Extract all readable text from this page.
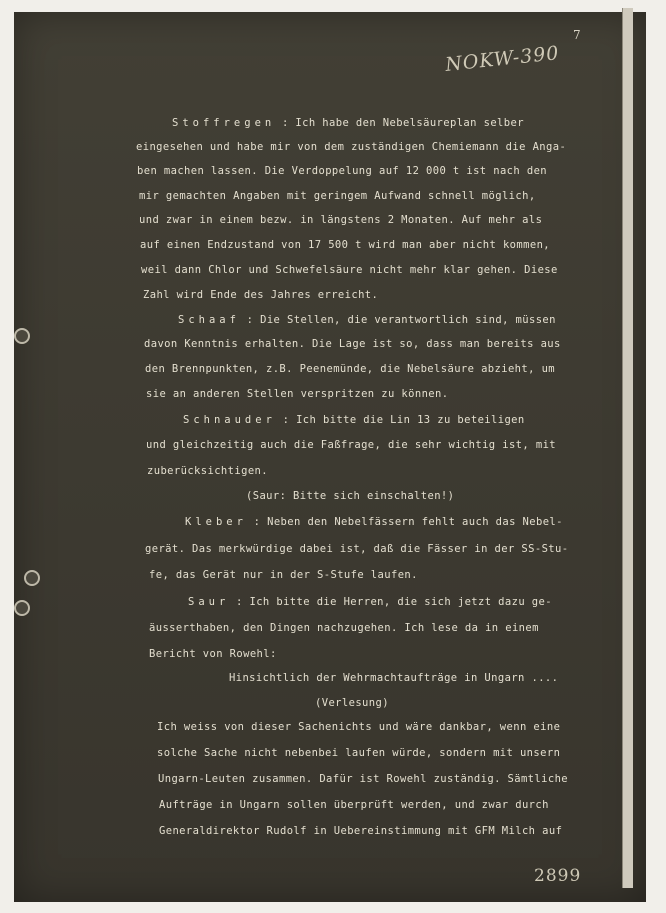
7
NOKW-390
2899
Stoffregen : Ich habe den Nebelsäureplan selber
eingesehen und habe mir von dem zuständigen Chemiemann die Anga-
ben machen lassen. Die Verdoppelung auf 12 000 t ist nach den
mir gemachten Angaben mit geringem Aufwand schnell möglich,
und zwar in einem bezw. in längstens 2 Monaten. Auf mehr als
auf einen Endzustand von 17 500 t wird man aber nicht kommen,
weil dann Chlor und Schwefelsäure nicht mehr klar gehen. Diese
Zahl wird Ende des Jahres erreicht.
Schaaf : Die Stellen, die verantwortlich sind, müssen
davon Kenntnis erhalten. Die Lage ist so, dass man bereits aus
den Brennpunkten, z.B. Peenemünde, die Nebelsäure abzieht, um
sie an anderen Stellen verspritzen zu können.
Schnauder : Ich bitte die Lin 13 zu beteiligen
und gleichzeitig auch die Faßfrage, die sehr wichtig ist, mit
zuberücksichtigen.
(Saur: Bitte sich einschalten!)
Kleber : Neben den Nebelfässern fehlt auch das Nebel-
gerät. Das merkwürdige dabei ist, daß die Fässer in der SS-Stu-
fe, das Gerät nur in der S-Stufe laufen.
Saur : Ich bitte die Herren, die sich jetzt dazu ge-
äusserthaben, den Dingen nachzugehen. Ich lese da in einem
Bericht von Rowehl:
Hinsichtlich der Wehrmachtaufträge in Ungarn ....
(Verlesung)
Ich weiss von dieser Sachenichts und wäre dankbar, wenn eine
solche Sache nicht nebenbei laufen würde, sondern mit unsern
Ungarn-Leuten zusammen. Dafür ist Rowehl zuständig. Sämtliche
Aufträge in Ungarn sollen überprüft werden, und zwar durch
Generaldirektor Rudolf in Uebereinstimmung mit GFM Milch auf
